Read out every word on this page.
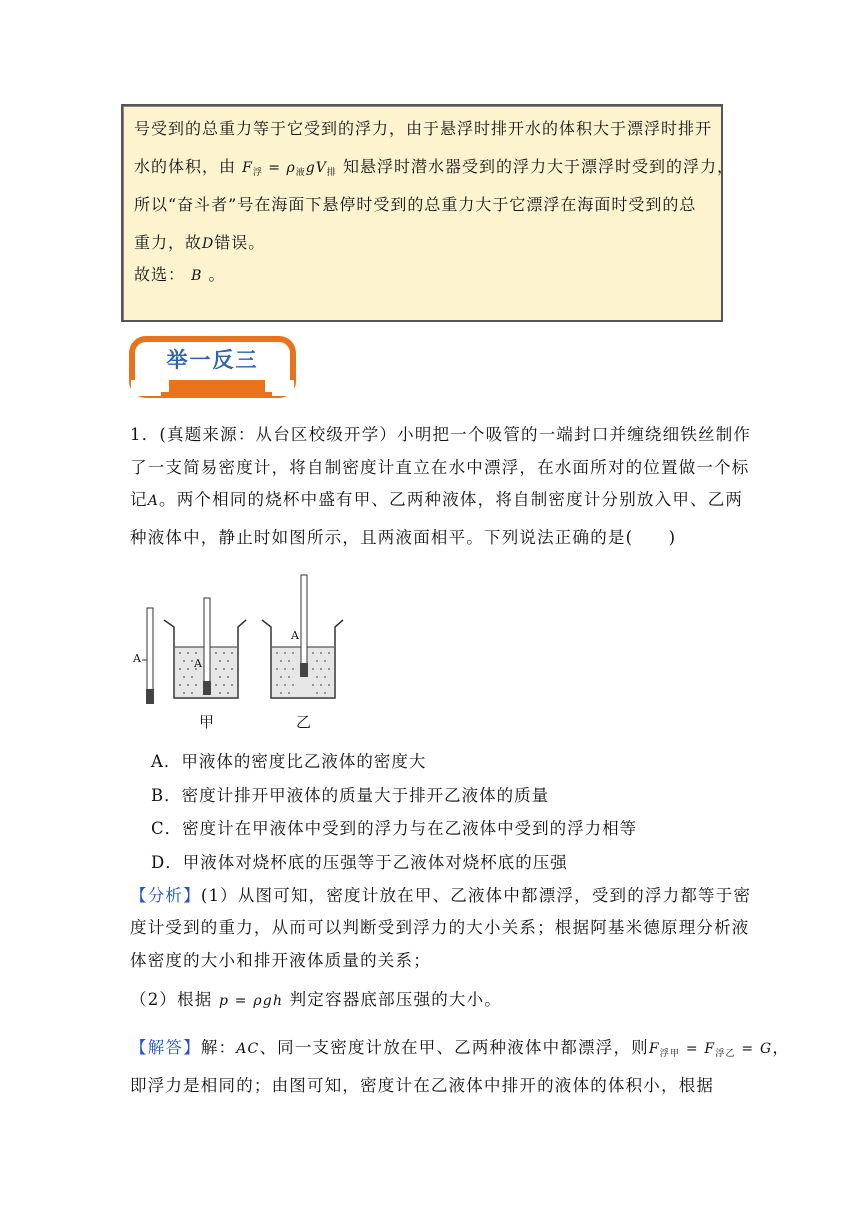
号受到的总重力等于它受到的浮力，由于悬浮时排开水的体积大于漂浮时排开
水的体积，由 $F_浮 = \rho_液gV_排$ 知悬浮时潜水器受到的浮力大于漂浮时受到的浮力，
所以“奋斗者”号在海面下悬停时受到的总重力大于它漂浮在海面时受到的总
重力，故D错误。
故选： B 。
举一反三
1．(真题来源：从台区校级开学）小明把一个吸管的一端封口并缠绕细铁丝制作
了一支简易密度计，将自制密度计直立在水中漂浮，在水面所对的位置做一个标
记A。两个相同的烧杯中盛有甲、乙两种液体，将自制密度计分别放入甲、乙两
种液体中，静止时如图所示，且两液面相平。下列说法正确的是(　　)
A	A
A
甲	乙
A．甲液体的密度比乙液体的密度大
B．密度计排开甲液体的质量大于排开乙液体的质量
C．密度计在甲液体中受到的浮力与在乙液体中受到的浮力相等
D．甲液体对烧杯底的压强等于乙液体对烧杯底的压强
【分析】(1）从图可知，密度计放在甲、乙液体中都漂浮，受到的浮力都等于密
度计受到的重力，从而可以判断受到浮力的大小关系；根据阿基米德原理分析液
体密度的大小和排开液体质量的关系；
（2）根据 p = ρgh 判定容器底部压强的大小。
【解答】解：AC、同一支密度计放在甲、乙两种液体中都漂浮，则$F_{浮甲} = F_{浮乙} = G$，
即浮力是相同的；由图可知，密度计在乙液体中排开的液体的体积小，根据
